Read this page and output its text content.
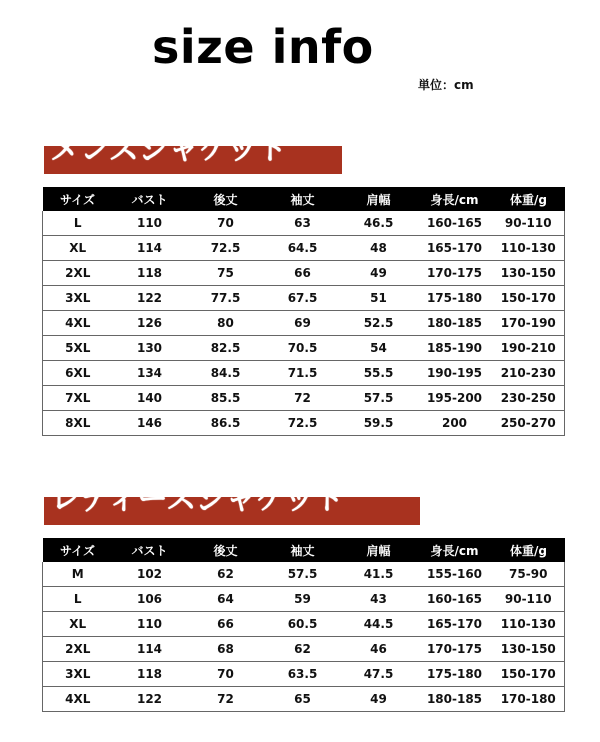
size info
単位：cm
メンズジャケット
サイズ	バスト	後丈	袖丈	肩幅	身長/cm	体重/g
L	110	70	63	46.5	160-165	90-110
XL	114	72.5	64.5	48	165-170	110-130
2XL	118	75	66	49	170-175	130-150
3XL	122	77.5	67.5	51	175-180	150-170
4XL	126	80	69	52.5	180-185	170-190
5XL	130	82.5	70.5	54	185-190	190-210
6XL	134	84.5	71.5	55.5	190-195	210-230
7XL	140	85.5	72	57.5	195-200	230-250
8XL	146	86.5	72.5	59.5	200	250-270
レディースジャケット
サイズ	バスト	後丈	袖丈	肩幅	身長/cm	体重/g
M	102	62	57.5	41.5	155-160	75-90
L	106	64	59	43	160-165	90-110
XL	110	66	60.5	44.5	165-170	110-130
2XL	114	68	62	46	170-175	130-150
3XL	118	70	63.5	47.5	175-180	150-170
4XL	122	72	65	49	180-185	170-180
